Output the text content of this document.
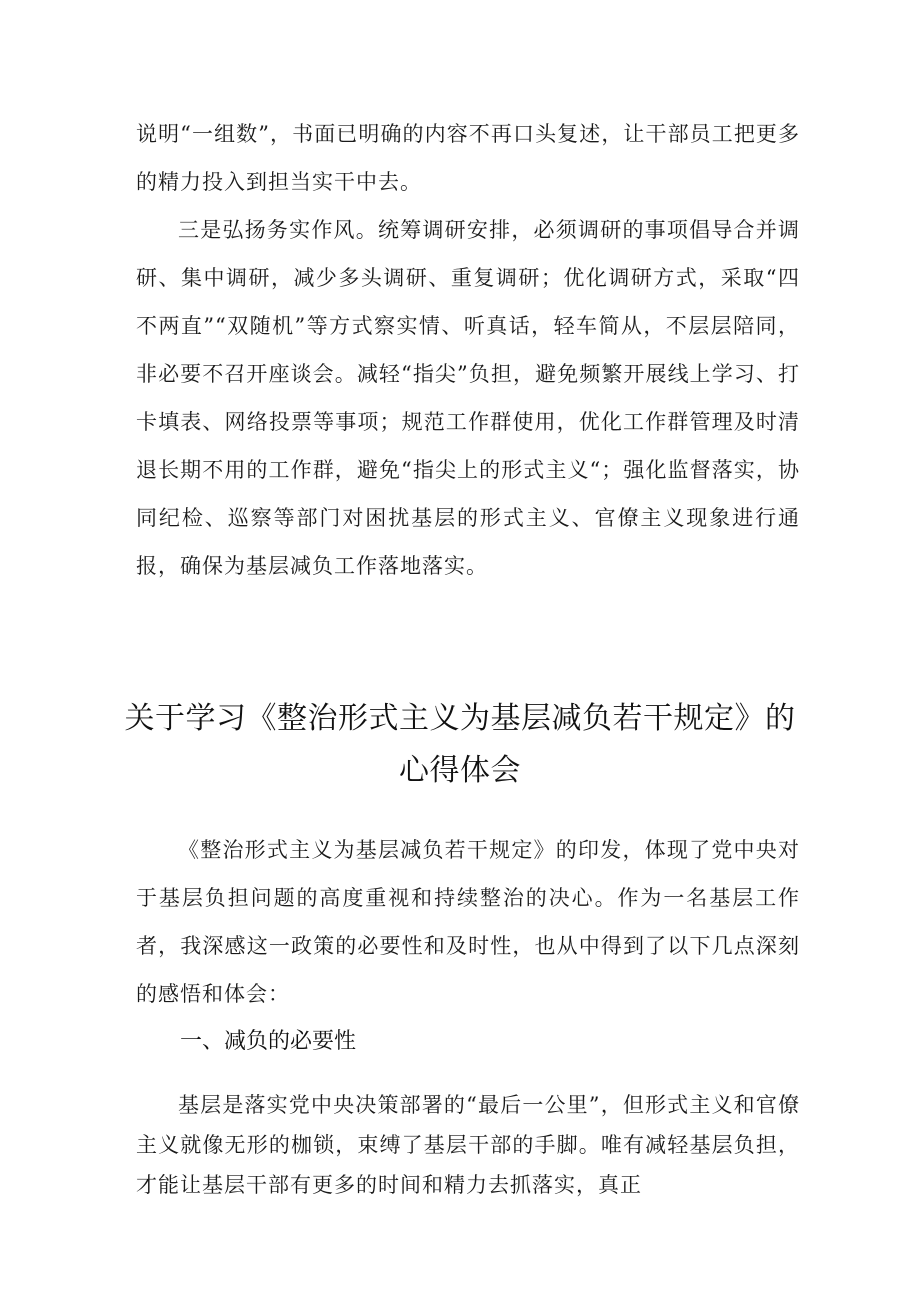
说明“一组数”，书面已明确的内容不再口头复述，让干部员工把更多的精力投入到担当实干中去。

三是弘扬务实作风。统筹调研安排，必须调研的事项倡导合并调研、集中调研，减少多头调研、重复调研；优化调研方式，采取“四不两直”“双随机”等方式察实情、听真话，轻车简从，不层层陪同，非必要不召开座谈会。减轻“指尖”负担，避免频繁开展线上学习、打卡填表、网络投票等事项；规范工作群使用，优化工作群管理及时清退长期不用的工作群，避免“指尖上的形式主义“；强化监督落实，协同纪检、巡察等部门对困扰基层的形式主义、官僚主义现象进行通报，确保为基层减负工作落地落实。

关于学习《整治形式主义为基层减负若干规定》的心得体会

《整治形式主义为基层减负若干规定》的印发，体现了党中央对于基层负担问题的高度重视和持续整治的决心。作为一名基层工作者，我深感这一政策的必要性和及时性，也从中得到了以下几点深刻的感悟和体会：

一、减负的必要性

基层是落实党中央决策部署的“最后一公里”，但形式主义和官僚主义就像无形的枷锁，束缚了基层干部的手脚。唯有减轻基层负担，才能让基层干部有更多的时间和精力去抓落实，真正
